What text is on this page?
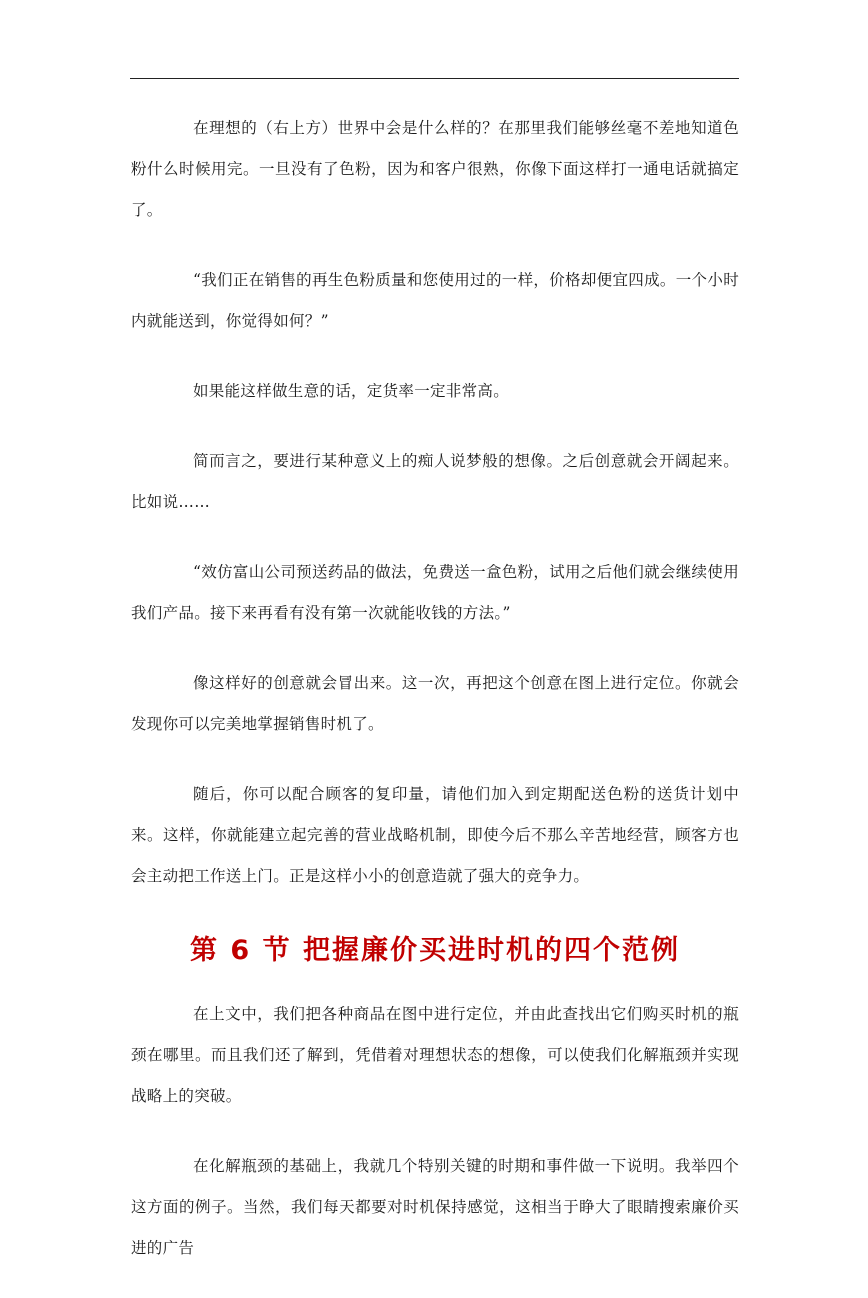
在理想的（右上方）世界中会是什么样的？在那里我们能够丝毫不差地知道色粉什么时候用完。一旦没有了色粉，因为和客户很熟，你像下面这样打一通电话就搞定了。

“我们正在销售的再生色粉质量和您使用过的一样，价格却便宜四成。一个小时内就能送到，你觉得如何？”

如果能这样做生意的话，定货率一定非常高。

简而言之，要进行某种意义上的痴人说梦般的想像。之后创意就会开阔起来。比如说……

“效仿富山公司预送药品的做法，免费送一盒色粉，试用之后他们就会继续使用我们产品。接下来再看有没有第一次就能收钱的方法。”

像这样好的创意就会冒出来。这一次，再把这个创意在图上进行定位。你就会发现你可以完美地掌握销售时机了。

随后，你可以配合顾客的复印量，请他们加入到定期配送色粉的送货计划中来。这样，你就能建立起完善的营业战略机制，即使今后不那么辛苦地经营，顾客方也会主动把工作送上门。正是这样小小的创意造就了强大的竞争力。

第 6 节 把握廉价买进时机的四个范例

在上文中，我们把各种商品在图中进行定位，并由此查找出它们购买时机的瓶颈在哪里。而且我们还了解到，凭借着对理想状态的想像，可以使我们化解瓶颈并实现战略上的突破。

在化解瓶颈的基础上，我就几个特别关键的时期和事件做一下说明。我举四个这方面的例子。当然，我们每天都要对时机保持感觉，这相当于睁大了眼睛搜索廉价买进的广告
